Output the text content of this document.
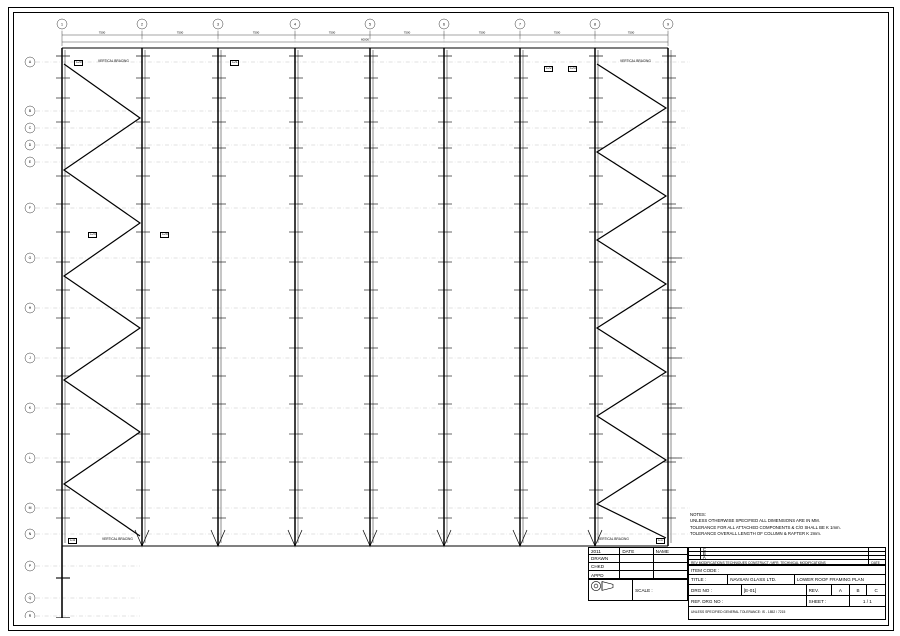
1	2	3	4	5	6	7	8	9
7500	7500	7500	7500	7500	7500	7500	7500
60000
A
B
C
D
E
F
G
H
J
K
L
M
N
P
Q
R
C20	VERTICAL BRACING	C21
C22	C23
VERTICAL BRACING
C24	C25
C17
C11	VERTICAL BRACING	VERTICAL BRACING
NOTES:
UNLESS OTHERWISE SPECIFIED ALL DIMENSIONS ARE IN MM.
TOLERANCE FOR ALL ATTACHED COMPONENTS & C/O SHALL BE K 1mm.
TOLERANCE OVERALL LENGTH OF COLUMN & RAFTER K 2mm.
2011	DATE	NAME
DRAWN
CHKD
APPD
SCALE :
C
B
A
REV MODIFICATIONS TECHNIQUES CONSTRUCT / MFR. TECHNICAL MODIFICATIONS	DATE
ITEM CODE :
TITLE :	NAVSAN GLASS LTD.	LOWER ROOF FRAMING PLAN
DRG NO :	[E-01]	REV.	A	B	C
REF. DRG NO :	SHEET :	1 / 1
UNLESS SPECIFIED GENERAL TOLERANCE: IS - 1852 / 7215
